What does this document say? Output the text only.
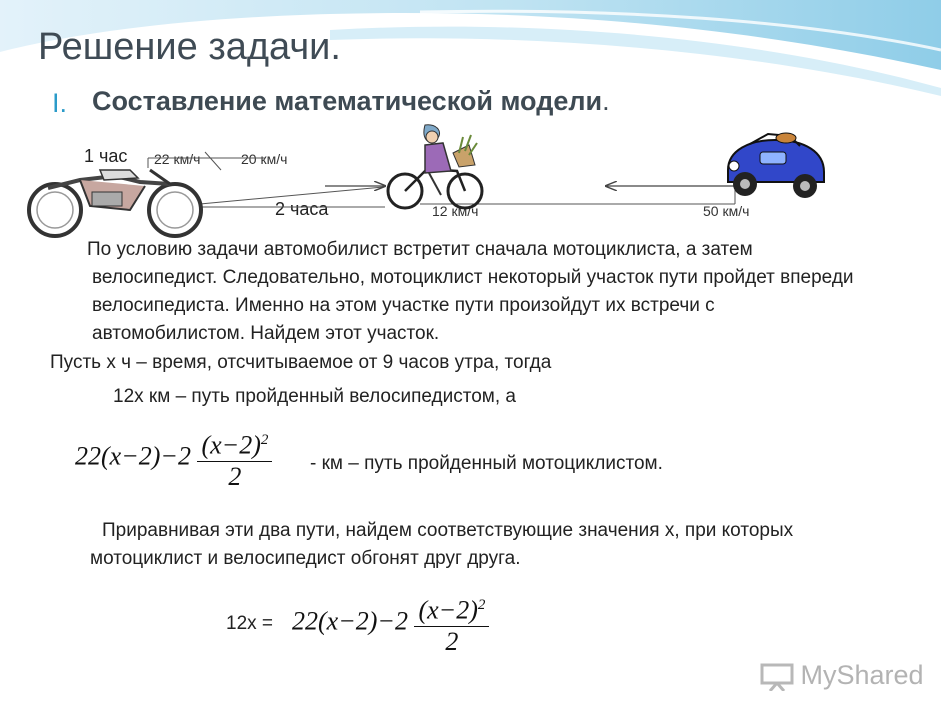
Решение задачи.
I. Составление математической модели.
1 час 22 км/ч	20 км/ч
2 часа	12 км/ч	50 км/ч
По условию задачи автомобилист встретит сначала мотоциклиста, а затем велосипедист. Следовательно, мотоциклист некоторый участок пути пройдет впереди велосипедиста. Именно на этом участке пути произойдут их встречи с автомобилистом. Найдем этот участок.
Пусть х ч – время, отсчитываемое от 9 часов утра, тогда
12х км – путь пройденный велосипедистом, а
$22(x-2)-2 \frac{(x-2)^2}{2}$ - км – путь пройденный мотоциклистом.
Приравнивая эти два пути, найдем соответствующие значения х, при которых мотоциклист и велосипедист обгонят друг друга.
$12х = 22(x-2)-2 \frac{(x-2)^2}{2}$
MyShared
